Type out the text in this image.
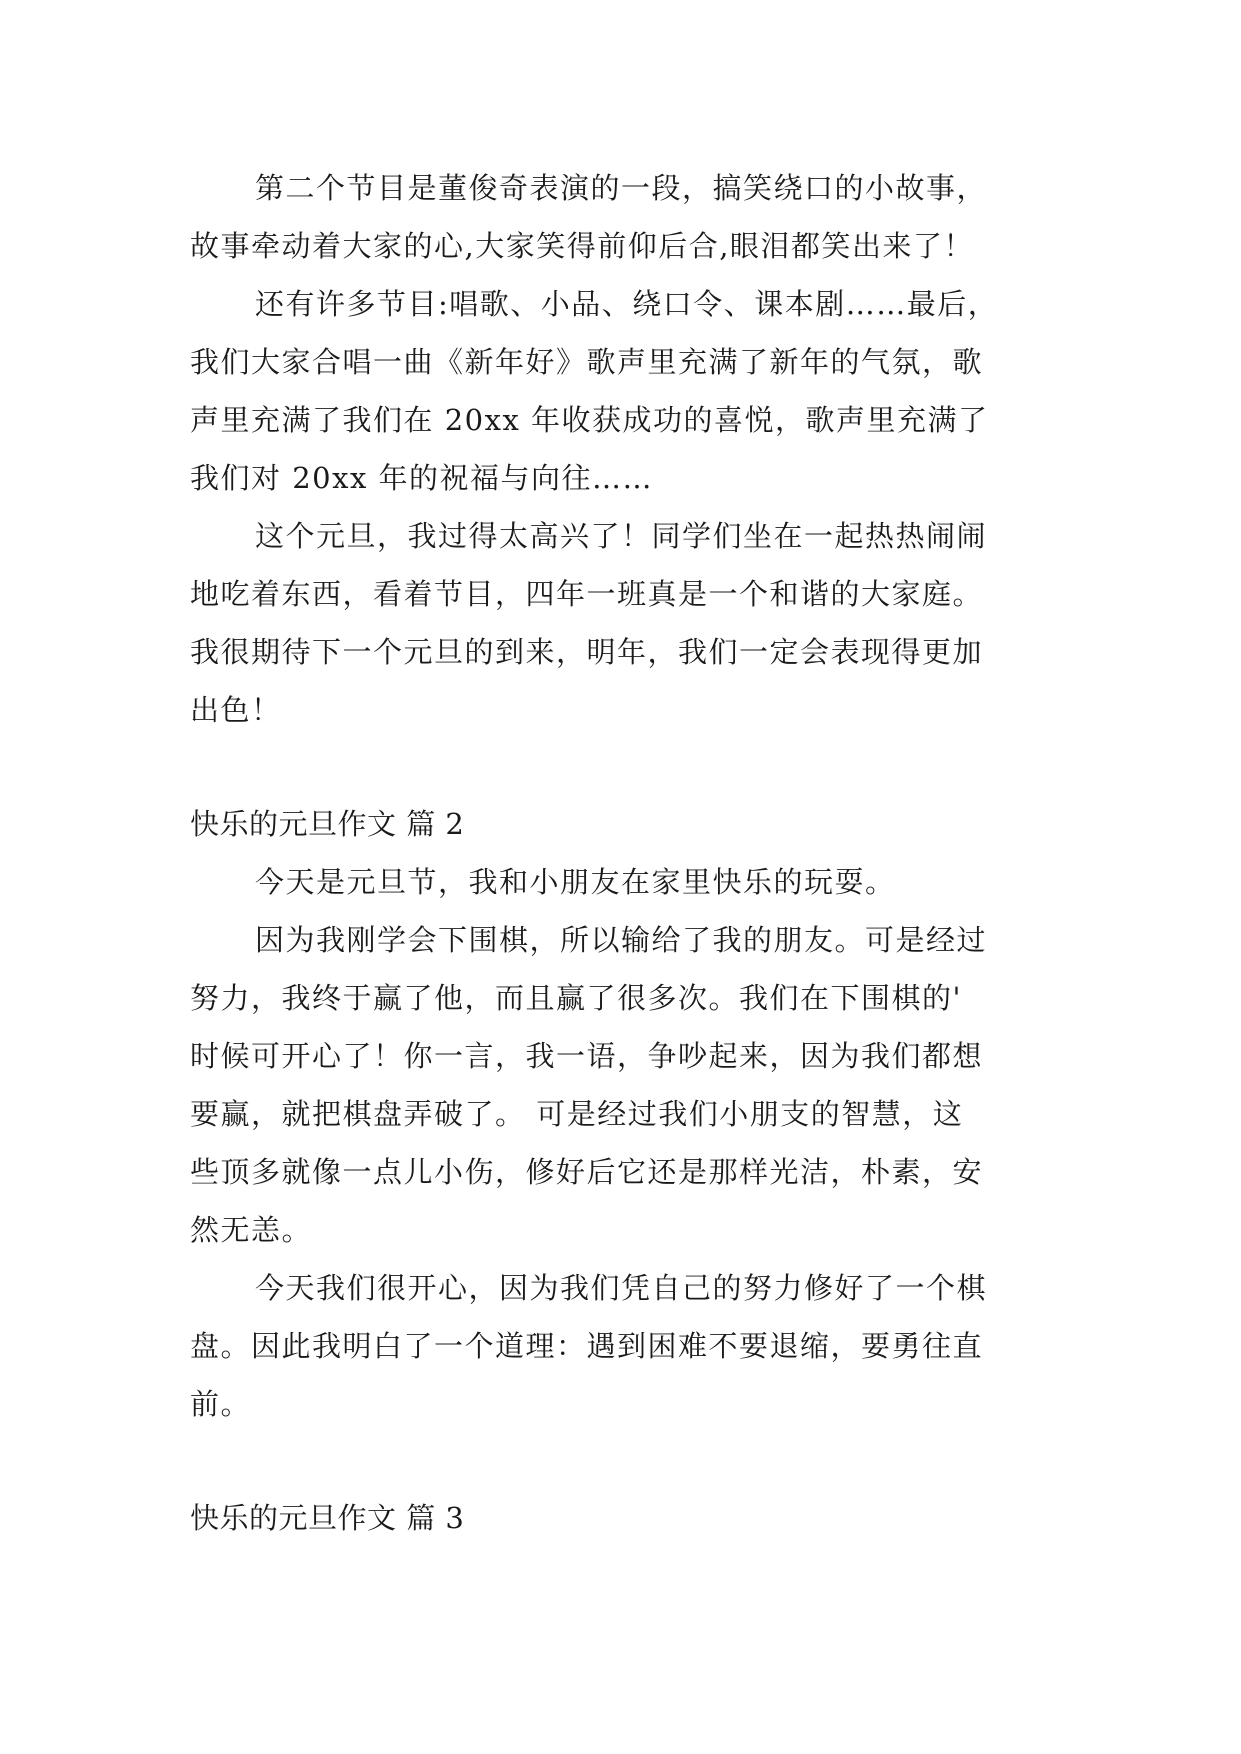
第二个节目是董俊奇表演的一段，搞笑绕口的小故事，
故事牵动着大家的心,大家笑得前仰后合,眼泪都笑出来了！
还有许多节目:唱歌、小品、绕口令、课本剧……最后，
我们大家合唱一曲《新年好》歌声里充满了新年的气氛，歌
声里充满了我们在 20xx 年收获成功的喜悦，歌声里充满了
我们对 20xx 年的祝福与向往……
这个元旦，我过得太高兴了！同学们坐在一起热热闹闹
地吃着东西，看着节目，四年一班真是一个和谐的大家庭。
我很期待下一个元旦的到来，明年，我们一定会表现得更加
出色！
快乐的元旦作文 篇 2
今天是元旦节，我和小朋友在家里快乐的玩耍。
因为我刚学会下围棋，所以输给了我的朋友。可是经过
努力，我终于赢了他，而且赢了很多次。我们在下围棋的'
时候可开心了！你一言，我一语，争吵起来，因为我们都想
要赢，就把棋盘弄破了。 可是经过我们小朋支的智慧，这
些顶多就像一点儿小伤，修好后它还是那样光洁，朴素，安
然无恙。
今天我们很开心，因为我们凭自己的努力修好了一个棋
盘。因此我明白了一个道理：遇到困难不要退缩，要勇往直
前。
快乐的元旦作文 篇 3
